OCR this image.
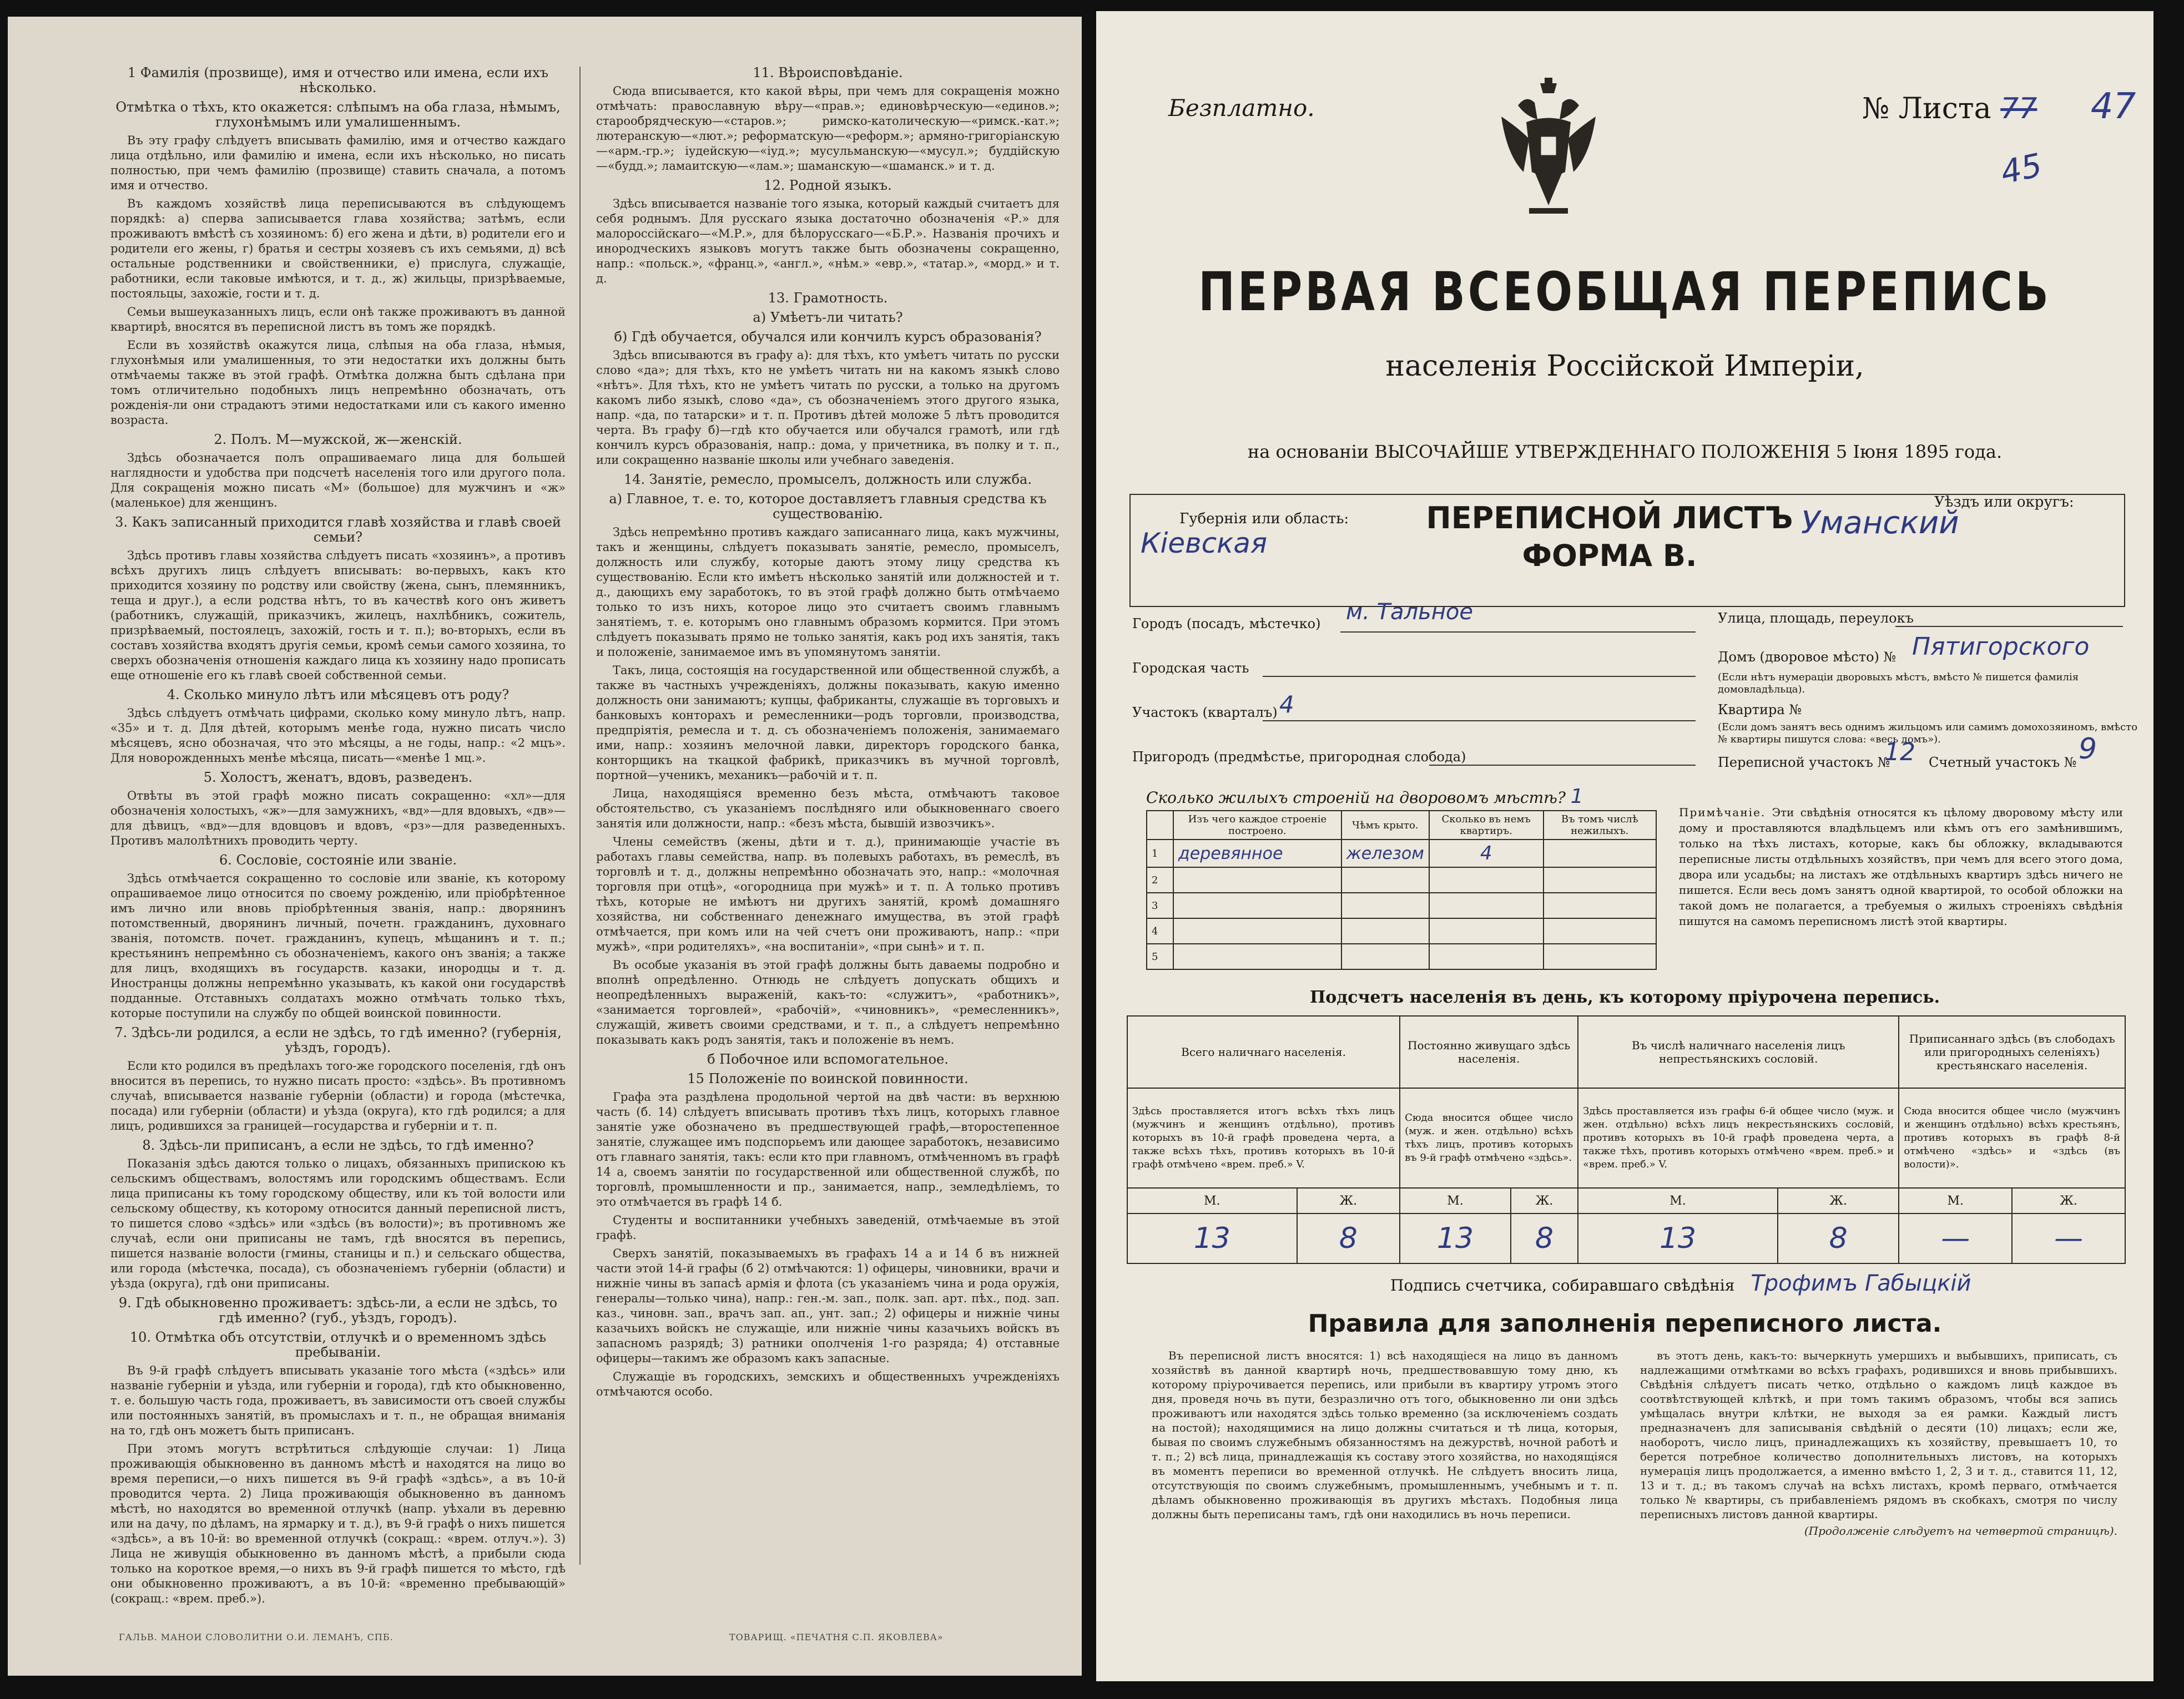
1 Фамилія (прозвище), имя и отчество или имена, если ихъ нѣсколько.
Отмѣтка о тѣхъ, кто окажется: слѣпымъ на оба глаза, нѣмымъ, глухонѣмымъ или умалишеннымъ.

Въ эту графу слѣдуетъ вписывать фамилію, имя и отчество каждаго лица отдѣльно, или фамилію и имена, если ихъ нѣсколько, но писать полностью, при чемъ фамилію (прозвище) ставить сначала, а потомъ имя и отчество.

Въ каждомъ хозяйствѣ лица переписываются въ слѣдующемъ порядкѣ: а) сперва записывается глава хозяйства; затѣмъ, если проживаютъ вмѣстѣ съ хозяиномъ: б) его жена и дѣти, в) родители его и родители его жены, г) братья и сестры хозяевъ съ ихъ семьями, д) всѣ остальные родственники и свойственники, е) прислуга, служащіе, работники, если таковые имѣются, и т. д., ж) жильцы, призрѣваемые, постояльцы, захожіе, гости и т. д.

Семьи вышеуказанныхъ лицъ, если онѣ также проживаютъ въ данной квартирѣ, вносятся въ переписной листъ въ томъ же порядкѣ.

Если въ хозяйствѣ окажутся лица, слѣпыя на оба глаза, нѣмыя, глухонѣмыя или умалишенныя, то эти недостатки ихъ должны быть отмѣчаемы также въ этой графѣ. Отмѣтка должна быть сдѣлана при томъ отличительно подобныхъ лицъ непремѣнно обозначать, отъ рожденія-ли они страдаютъ этими недостатками или съ какого именно возраста.

2. Полъ. М—мужской, ж—женскій.

Здѣсь обозначается полъ опрашиваемаго лица для большей наглядности и удобства при подсчетѣ населенія того или другого пола. Для сокращенія можно писать «М» (большое) для мужчинъ и «ж» (маленькое) для женщинъ.

3. Какъ записанный приходится главѣ хозяйства и главѣ своей семьи?

Здѣсь противъ главы хозяйства слѣдуетъ писать «хозяинъ», а противъ всѣхъ другихъ лицъ слѣдуетъ вписывать: во-первыхъ, какъ кто приходится хозяину по родству или свойству (жена, сынъ, племянникъ, теща и друг.), а если родства нѣтъ, то въ качествѣ кого онъ живетъ (работникъ, служащій, приказчикъ, жилецъ, нахлѣбникъ, сожитель, призрѣваемый, постоялецъ, захожій, гость и т. п.); во-вторыхъ, если въ составъ хозяйства входятъ другія семьи, кромѣ семьи самого хозяина, то сверхъ обозначенія отношенія каждаго лица къ хозяину надо прописать еще отношеніе его къ главѣ своей собственной семьи.

4. Сколько минуло лѣтъ или мѣсяцевъ отъ роду?

Здѣсь слѣдуетъ отмѣчать цифрами, сколько кому минуло лѣтъ, напр. «35» и т. д. Для дѣтей, которымъ менѣе года, нужно писать число мѣсяцевъ, ясно обозначая, что это мѣсяцы, а не годы, напр.: «2 мцъ». Для новорожденныхъ менѣе мѣсяца, писать—«менѣе 1 мц.».

5. Холостъ, женатъ, вдовъ, разведенъ.

Отвѣты въ этой графѣ можно писать сокращенно: «хл»—для обозначенія холостыхъ, «ж»—для замужнихъ, «вд»—для вдовыхъ, «дв»—для дѣвицъ, «вд»—для вдовцовъ и вдовъ, «рз»—для разведенныхъ. Противъ малолѣтнихъ проводить черту.

6. Сословіе, состояніе или званіе.

Здѣсь отмѣчается сокращенно то сословіе или званіе, къ которому опрашиваемое лицо относится по своему рожденію, или пріобрѣтенное имъ лично или вновь пріобрѣтенныя званія, напр.: дворянинъ потомственный, дворянинъ личный, почетн. гражданинъ, духовнаго званія, потомств. почет. гражданинъ, купецъ, мѣщанинъ и т. п.; крестьянинъ непремѣнно съ обозначеніемъ, какого онъ званія; а также для лицъ, входящихъ въ государств. казаки, инородцы и т. д. Иностранцы должны непремѣнно указывать, къ какой они государствѣ подданные. Отставныхъ солдатахъ можно отмѣчать только тѣхъ, которые поступили на службу по общей воинской повинности.

7. Здѣсь-ли родился, а если не здѣсь, то гдѣ именно? (губернія, уѣздъ, городъ).

Если кто родился въ предѣлахъ того-же городского поселенія, гдѣ онъ вносится въ перепись, то нужно писать просто: «здѣсь». Въ противномъ случаѣ, вписывается названіе губерніи (области) и города (мѣстечка, посада) или губерніи (области) и уѣзда (округа), кто гдѣ родился; а для лицъ, родившихся за границей—государства и губерніи и т. п.

8. Здѣсь-ли приписанъ, а если не здѣсь, то гдѣ именно?

Показанія здѣсь даются только о лицахъ, обязанныхъ припискою къ сельскимъ обществамъ, волостямъ или городскимъ обществамъ. Если лица приписаны къ тому городскому обществу, или къ той волости или сельскому обществу, къ которому относится данный переписной листъ, то пишется слово «здѣсь» или «здѣсь (въ волости)»; въ противномъ же случаѣ, если они приписаны не тамъ, гдѣ вносятся въ перепись, пишется названіе волости (гмины, станицы и п.) и сельскаго общества, или города (мѣстечка, посада), съ обозначеніемъ губерніи (области) и уѣзда (округа), гдѣ они приписаны.

9. Гдѣ обыкновенно проживаетъ: здѣсь-ли, а если не здѣсь, то гдѣ именно? (губ., уѣздъ, городъ).
10. Отмѣтка объ отсутствіи, отлучкѣ и о временномъ здѣсь пребываніи.

Въ 9-й графѣ слѣдуетъ вписывать указаніе того мѣста («здѣсь» или названіе губерніи и уѣзда, или губерніи и города), гдѣ кто обыкновенно, т. е. большую часть года, проживаетъ, въ зависимости отъ своей службы или постоянныхъ занятій, въ промыслахъ и т. п., не обращая вниманія на то, гдѣ онъ можетъ быть приписанъ.

При этомъ могутъ встрѣтиться слѣдующіе случаи: 1) Лица проживающія обыкновенно въ данномъ мѣстѣ и находятся на лицо во время переписи,—о нихъ пишется въ 9-й графѣ «здѣсь», а въ 10-й проводится черта. 2) Лица проживающія обыкновенно въ данномъ мѣстѣ, но находятся во временной отлучкѣ (напр. уѣхали въ деревню или на дачу, по дѣламъ, на ярмарку и т. д.), въ 9-й графѣ о нихъ пишется «здѣсь», а въ 10-й: во временной отлучкѣ (сокращ.: «врем. отлуч.»). 3) Лица не живущія обыкновенно въ данномъ мѣстѣ, а прибыли сюда только на короткое время,—о нихъ въ 9-й графѣ пишется то мѣсто, гдѣ они обыкновенно проживаютъ, а въ 10-й: «временно пребывающій» (сокращ.: «врем. преб.»).

11. Вѣроисповѣданіе.

Сюда вписывается, кто какой вѣры, при чемъ для сокращенія можно отмѣчать: православную вѣру—«прав.»; единовѣрческую—«единов.»; старообрядческую—«старов.»; римско-католическую—«римск.-кат.»; лютеранскую—«лют.»; реформатскую—«реформ.»; армяно-григоріанскую—«арм.-гр.»; іудейскую—«іуд.»; мусульманскую—«мусул.»; буддійскую—«будд.»; ламаитскую—«лам.»; шаманскую—«шаманск.» и т. д.

12. Родной языкъ.

Здѣсь вписывается названіе того языка, который каждый считаетъ для себя роднымъ. Для русскаго языка достаточно обозначенія «Р.» для малороссійскаго—«М.Р.», для бѣлорусскаго—«Б.Р.». Названія прочихъ и инородческихъ языковъ могутъ также быть обозначены сокращенно, напр.: «польск.», «франц.», «англ.», «нѣм.» «евр.», «татар.», «морд.» и т. д.

13. Грамотность.
а) Умѣетъ-ли читать?
б) Гдѣ обучается, обучался или кончилъ курсъ образованія?

Здѣсь вписываются въ графу а): для тѣхъ, кто умѣетъ читать по русски слово «да»; для тѣхъ, кто не умѣетъ читать ни на какомъ языкѣ слово «нѣтъ». Для тѣхъ, кто не умѣетъ читать по русски, а только на другомъ какомъ либо языкѣ, слово «да», съ обозначеніемъ этого другого языка, напр. «да, по татарски» и т. п. Противъ дѣтей моложе 5 лѣтъ проводится черта. Въ графу б)—гдѣ кто обучается или обучался грамотѣ, или гдѣ кончилъ курсъ образованія, напр.: дома, у причетника, въ полку и т. п., или сокращенно названіе школы или учебнаго заведенія.

14. Занятіе, ремесло, промыселъ, должность или служба.
а) Главное, т. е. то, которое доставляетъ главныя средства къ существованію.

Здѣсь непремѣнно противъ каждаго записаннаго лица, какъ мужчины, такъ и женщины, слѣдуетъ показывать занятіе, ремесло, промыселъ, должность или службу, которые даютъ этому лицу средства къ существованію. Если кто имѣетъ нѣсколько занятій или должностей и т. д., дающихъ ему заработокъ, то въ этой графѣ должно быть отмѣчаемо только то изъ нихъ, которое лицо это считаетъ своимъ главнымъ занятіемъ, т. е. которымъ оно главнымъ образомъ кормится. При этомъ слѣдуетъ показывать прямо не только занятія, какъ род ихъ занятія, такъ и положеніе, занимаемое имъ въ упомянутомъ занятіи.

Такъ, лица, состоящія на государственной или общественной службѣ, а также въ частныхъ учрежденіяхъ, должны показывать, какую именно должность они занимаютъ; купцы, фабриканты, служащіе въ торговыхъ и банковыхъ конторахъ и ремесленники—родъ торговли, производства, предпріятія, ремесла и т. д. съ обозначеніемъ положенія, занимаемаго ими, напр.: хозяинъ мелочной лавки, директоръ городского банка, конторщикъ на ткацкой фабрикѣ, приказчикъ въ мучной торговлѣ, портной—ученикъ, механикъ—рабочій и т. п.

Лица, находящіяся временно безъ мѣста, отмѣчаютъ таковое обстоятельство, съ указаніемъ послѣдняго или обыкновеннаго своего занятія или должности, напр.: «безъ мѣста, бывшій извозчикъ».

Члены семействъ (жены, дѣти и т. д.), принимающіе участіе въ работахъ главы семейства, напр. въ полевыхъ работахъ, въ ремеслѣ, въ торговлѣ и т. д., должны непремѣнно обозначать это, напр.: «молочная торговля при отцѣ», «огородница при мужѣ» и т. п. А только противъ тѣхъ, которые не имѣютъ ни другихъ занятій, кромѣ домашняго хозяйства, ни собственнаго денежнаго имущества, въ этой графѣ отмѣчается, при комъ или на чей счетъ они проживаютъ, напр.: «при мужѣ», «при родителяхъ», «на воспитаніи», «при сынѣ» и т. п.

Въ особые указанія въ этой графѣ должны быть даваемы подробно и вполнѣ опредѣленно. Отнюдь не слѣдуетъ допускать общихъ и неопредѣленныхъ выраженій, какъ-то: «служитъ», «работникъ», «занимается торговлей», «рабочій», «чиновникъ», «ремесленникъ», служащій, живетъ своими средствами, и т. п., а слѣдуетъ непремѣнно показывать какъ родъ занятія, такъ и положеніе въ немъ.

б Побочное или вспомогательное.
15 Положеніе по воинской повинности.

Графа эта раздѣлена продольной чертой на двѣ части: въ верхнюю часть (б. 14) слѣдуетъ вписывать противъ тѣхъ лицъ, которыхъ главное занятіе уже обозначено въ предшествующей графѣ,—второстепенное занятіе, служащее имъ подспорьемъ или дающее заработокъ, независимо отъ главнаго занятія, такъ: если кто при главномъ, отмѣченномъ въ графѣ 14 а, своемъ занятіи по государственной или общественной службѣ, по торговлѣ, промышленности и пр., занимается, напр., земледѣліемъ, то это отмѣчается въ графѣ 14 б.

Студенты и воспитанники учебныхъ заведеній, отмѣчаемые въ этой графѣ.

Сверхъ занятій, показываемыхъ въ графахъ 14 а и 14 б въ нижней части этой 14-й графы (б 2) отмѣчаются: 1) офицеры, чиновники, врачи и нижніе чины въ запасѣ армія и флота (съ указаніемъ чина и рода оружія, генералы—только чина), напр.: ген.-м. зап., полк. зап. арт. пѣх., под. зап. каз., чиновн. зап., врачъ зап. ап., унт. зап.; 2) офицеры и нижніе чины казачьихъ войскъ не служащіе, или нижніе чины казачьихъ войскъ въ запасномъ разрядѣ; 3) ратники ополченія 1-го разряда; 4) отставные офицеры—такимъ же образомъ какъ запасные.

Служащіе въ городскихъ, земскихъ и общественныхъ учрежденіяхъ отмѣчаются особо.

ГАЛЬВ. МАНОИ СЛОВОЛИТНИ О.И. ЛЕМАНЪ, СПБ.	ТОВАРИЩ. «ПЕЧАТНЯ С.П. ЯКОВЛЕВА»
Безплатно.	№ Листа 77 47
45
ПЕРВАЯ ВСЕОБЩАЯ ПЕРЕПИСЬ
населенія Россійской Имперіи,
на основаніи ВЫСОЧАЙШЕ УТВЕРЖДЕННАГО ПОЛОЖЕНІЯ 5 Іюня 1895 года.
ПЕРЕПИСНОЙ ЛИСТЪ
ФОРМА В.
Губернія или область:
Кіевская
Уѣздъ или округъ:
Уманский
Городъ (посадъ, мѣстечко) м. Тальное	Улица, площадь, переулокъ
Городская часть
Домъ (дворовое мѣсто) № Пятигорского
(Если нѣтъ нумераціи дворовыхъ мѣстъ, вмѣсто № пишется фамилія домовладѣльца).
Участокъ (кварталъ) 4	Квартира №
(Если домъ занятъ весь однимъ жильцомъ или самимъ домохозяиномъ, вмѣсто № квартиры пишутся слова: «весь домъ»).
Пригородъ (предмѣстье, пригородная слобода)	Переписной участокъ №
12 Счетный участокъ № 9
Сколько жилыхъ строеній на дворовомъ мѣстѣ? 1
	Изъ чего каждое строеніе построено.	Чѣмъ крыто.	Сколько въ немъ квартиръ.	Въ томъ числѣ нежилыхъ.
1	деревянное	железом	4	
2				
3				
4				
5				
Примѣчаніе. Эти свѣдѣнія относятся къ цѣлому дворовому мѣсту или дому и проставляются владѣльцемъ или кѣмъ отъ его замѣнившимъ, только на тѣхъ листахъ, которые, какъ бы обложку, вкладываются переписные листы отдѣльныхъ хозяйствъ, при чемъ для всего этого дома, двора или усадьбы; на листахъ же отдѣльныхъ квартиръ здѣсь ничего не пишется. Если весь домъ занятъ одной квартирой, то особой обложки на такой домъ не полагается, а требуемыя о жилыхъ строеніяхъ свѣдѣнія пишутся на самомъ переписномъ листѣ этой квартиры.
Подсчетъ населенія въ день, къ которому пріурочена перепись.
Всего наличнаго населенія.		Постоянно живущаго здѣсь населенія.		Въ числѣ наличнаго населенія лицъ непрестьянскихъ сословій.		Приписаннаго здѣсь (въ слободахъ или пригородныхъ селеніяхъ) крестьянскаго населенія.	
Здѣсь проставляется итогъ всѣхъ тѣхъ лицъ (мужчинъ и женщинъ отдѣльно), противъ которыхъ въ 10-й графѣ проведена черта, а также всѣхъ тѣхъ, противъ которыхъ въ 10-й графѣ отмѣчено «врем. преб.» V.		Сюда вносится общее число (муж. и жен. отдѣльно) всѣхъ тѣхъ лицъ, противъ которыхъ въ 9-й графѣ отмѣчено «здѣсь».		Здѣсь проставляется изъ графы 6-й общее число (муж. и жен. отдѣльно) всѣхъ лицъ некрестьянскихъ сословій, противъ которыхъ въ 10-й графѣ проведена черта, а также тѣхъ, противъ которыхъ отмѣчено «врем. преб.» и «врем. преб.» V.		Сюда вносится общее число (мужчинъ и женщинъ отдѣльно) всѣхъ крестьянъ, противъ которыхъ въ графѣ 8-й отмѣчено «здѣсь» и «здѣсь (въ волости)».	
М.	Ж.	М.	Ж.	М.	Ж.	М.	Ж.
13	8	13	8	13	8	—	—
Подпись счетчика, собиравшаго свѣдѣнія Трофимъ Габыцкій
Правила для заполненія переписного листа.

Въ переписной листъ вносятся: 1) всѣ находящіеся на лицо въ данномъ хозяйствѣ въ данной квартирѣ ночь, предшествовавшую тому дню, къ которому пріурочивается перепись, или прибыли въ квартиру утромъ этого дня, проведя ночь въ пути, безразлично отъ того, обыкновенно ли они здѣсь проживаютъ или находятся здѣсь только временно (за исключеніемъ создать на постой); находящимися на лицо должны считаться и тѣ лица, которыя, бывая по своимъ служебнымъ обязанностямъ на дежурствѣ, ночной работѣ и т. п.; 2) всѣ лица, принадлежащія къ составу этого хозяйства, но находящіяся въ моментъ переписи во временной отлучкѣ. Не слѣдуетъ вносить лица, отсутствующія по своимъ служебнымъ, промышленнымъ, учебнымъ и т. п. дѣламъ обыкновенно проживающія въ другихъ мѣстахъ. Подобныя лица должны быть переписаны тамъ, гдѣ они находились въ ночь переписи.

въ этотъ день, какъ-то: вычеркнуть умершихъ и выбывшихъ, приписать, съ надлежащими отмѣтками во всѣхъ графахъ, родившихся и вновь прибывшихъ. Свѣдѣнія слѣдуетъ писать четко, отдѣльно о каждомъ лицѣ каждое въ соотвѣтствующей клѣткѣ, и при томъ такимъ образомъ, чтобы вся запись умѣщалась внутри клѣтки, не выходя за ея рамки. Каждый листъ предназначенъ для записыванія свѣдѣній о десяти (10) лицахъ; если же, наоборотъ, число лицъ, принадлежащихъ къ хозяйству, превышаетъ 10, то берется потребное количество дополнительныхъ листовъ, на которыхъ нумерація лицъ продолжается, а именно вмѣсто 1, 2, 3 и т. д., ставится 11, 12, 13 и т. д.; въ такомъ случаѣ на всѣхъ листахъ, кромѣ перваго, отмѣчается только № квартиры, съ прибавленіемъ рядомъ въ скобкахъ, смотря по числу переписныхъ листовъ данной квартиры.

(Продолженіе слѣдуетъ на четвертой страницѣ).
